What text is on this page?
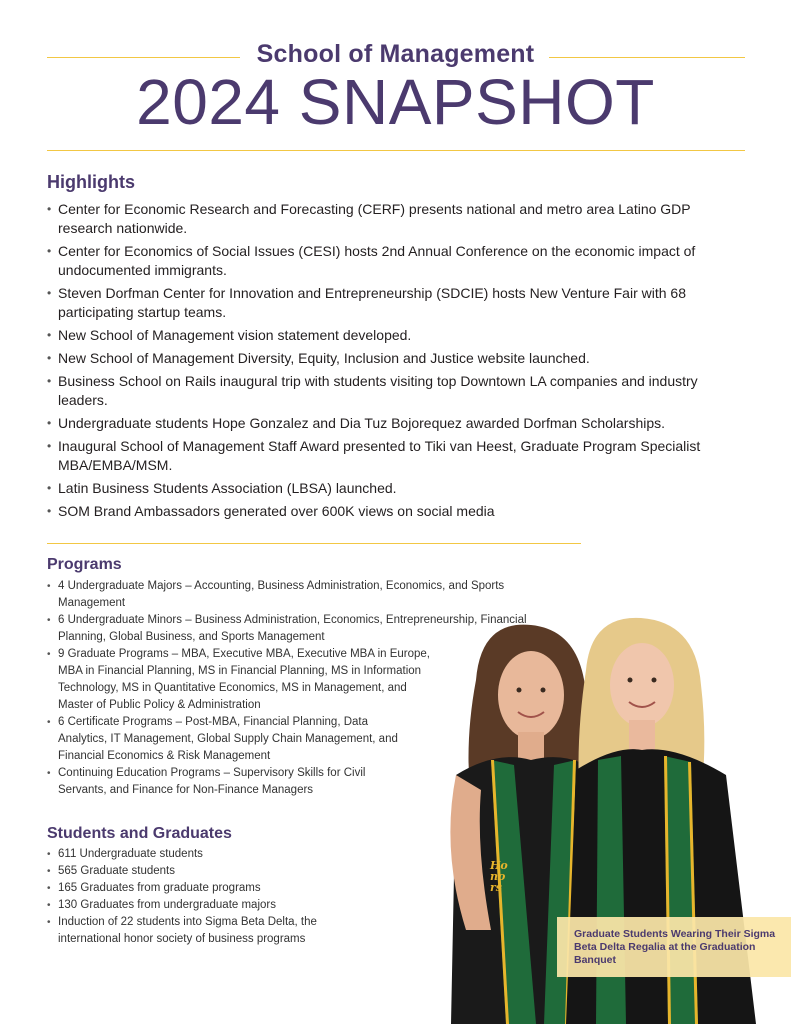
School of Management
2024 SNAPSHOT
Highlights
• Center for Economic Research and Forecasting (CERF) presents national and metro area Latino GDP research nationwide.
• Center for Economics of Social Issues (CESI) hosts 2nd Annual Conference on the economic impact of undocumented immigrants.
• Steven Dorfman Center for Innovation and Entrepreneurship (SDCIE) hosts New Venture Fair with 68 participating startup teams.
• New School of Management vision statement developed.
• New School of Management Diversity, Equity, Inclusion and Justice website launched.
• Business School on Rails inaugural trip with students visiting top Downtown LA companies and industry leaders.
• Undergraduate students Hope Gonzalez and Dia Tuz Bojorequez awarded Dorfman Scholarships.
• Inaugural School of Management Staff Award presented to Tiki van Heest, Graduate Program Specialist MBA/EMBA/MSM.
• Latin Business Students Association (LBSA) launched.
• SOM Brand Ambassadors generated over 600K views on social media
Programs
• 4 Undergraduate Majors – Accounting, Business Administration, Economics, and Sports Management
• 6 Undergraduate Minors – Business Administration, Economics, Entrepreneurship, Financial Planning, Global Business, and Sports Management
• 9 Graduate Programs – MBA, Executive MBA, Executive MBA in Europe, MBA in Financial Planning, MS in Financial Planning, MS in Information Technology, MS in Quantitative Economics, MS in Management, and Master of Public Policy & Administration
• 6 Certificate Programs – Post-MBA, Financial Planning, Data Analytics, IT Management, Global Supply Chain Management, and Financial Economics & Risk Management
• Continuing Education Programs – Supervisory Skills for Civil Servants, and Finance for Non-Finance Managers
Students and Graduates
• 611 Undergraduate students
• 565 Graduate students
• 165 Graduates from graduate programs
• 130 Graduates from undergraduate majors
• Induction of 22 students into Sigma Beta Delta, the international honor society of business programs
Honors
Graduate Students Wearing Their Sigma Beta Delta Regalia at the Graduation Banquet
